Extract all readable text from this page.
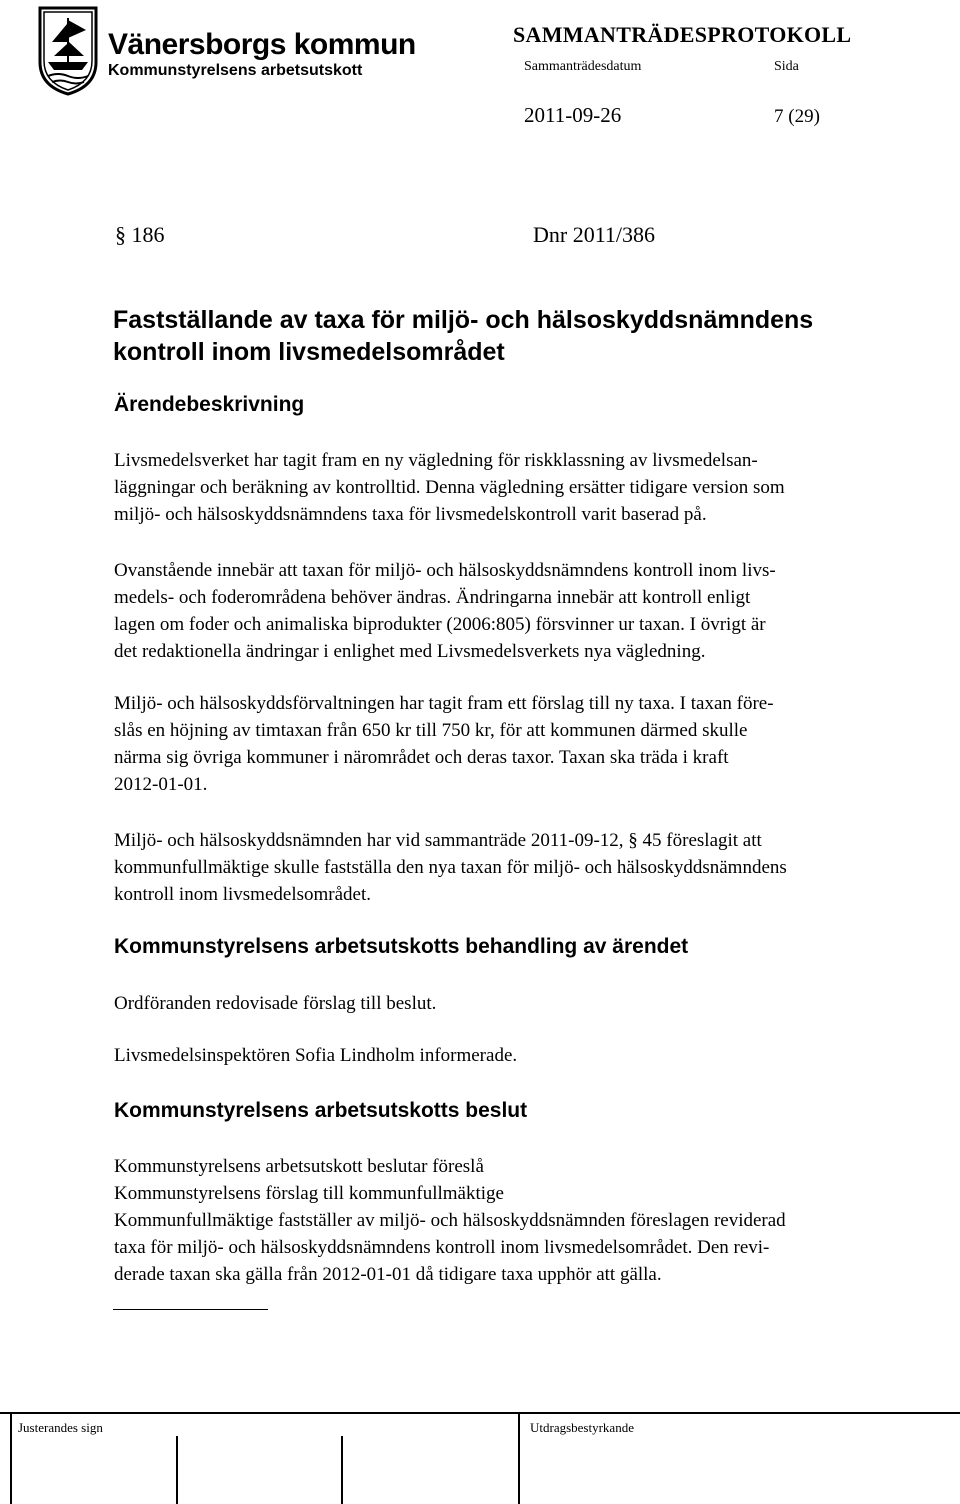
Vänersborgs kommun
Kommunstyrelsens arbetsutskott
SAMMANTRÄDESPROTOKOLL
Sammanträdesdatum	Sida
2011-09-26	7 (29)
§ 186	Dnr 2011/386
Fastställande av taxa för miljö- och hälsoskyddsnämndens
kontroll inom livsmedelsområdet
Ärendebeskrivning

Livsmedelsverket har tagit fram en ny vägledning för riskklassning av livsmedelsan-
läggningar och beräkning av kontrolltid. Denna vägledning ersätter tidigare version som
miljö- och hälsoskyddsnämndens taxa för livsmedelskontroll varit baserad på.

Ovanstående innebär att taxan för miljö- och hälsoskyddsnämndens kontroll inom livs-
medels- och foderområdena behöver ändras. Ändringarna innebär att kontroll enligt
lagen om foder och animaliska biprodukter (2006:805) försvinner ur taxan. I övrigt är
det redaktionella ändringar i enlighet med Livsmedelsverkets nya vägledning.

Miljö- och hälsoskyddsförvaltningen har tagit fram ett förslag till ny taxa. I taxan före-
slås en höjning av timtaxan från 650 kr till 750 kr, för att kommunen därmed skulle
närma sig övriga kommuner i närområdet och deras taxor. Taxan ska träda i kraft
2012-01-01.

Miljö- och hälsoskyddsnämnden har vid sammanträde 2011-09-12, § 45 föreslagit att
kommunfullmäktige skulle fastställa den nya taxan för miljö- och hälsoskyddsnämndens
kontroll inom livsmedelsområdet.

Kommunstyrelsens arbetsutskotts behandling av ärendet

Ordföranden redovisade förslag till beslut.

Livsmedelsinspektören Sofia Lindholm informerade.

Kommunstyrelsens arbetsutskotts beslut

Kommunstyrelsens arbetsutskott beslutar föreslå
Kommunstyrelsens förslag till kommunfullmäktige
Kommunfullmäktige fastställer av miljö- och hälsoskyddsnämnden föreslagen reviderad
taxa för miljö- och hälsoskyddsnämndens kontroll inom livsmedelsområdet. Den revi-
derade taxan ska gälla från 2012-01-01 då tidigare taxa upphör att gälla.

Justerandes sign	Utdragsbestyrkande
